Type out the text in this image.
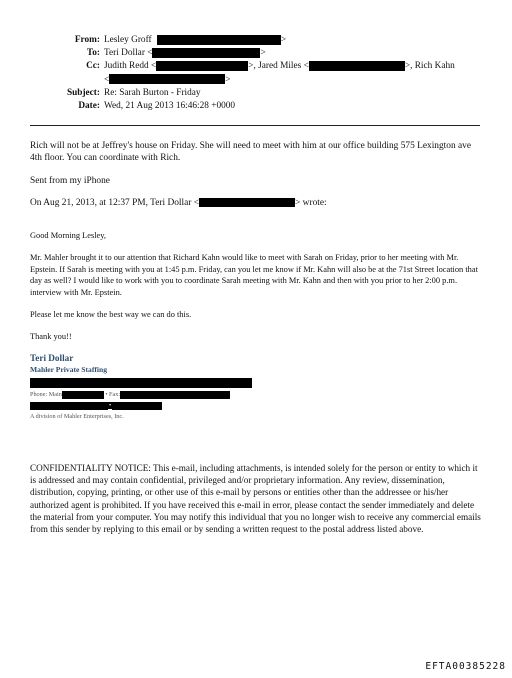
From: Lesley Groff	>
To: Teri Dollar <	>
Cc: Judith Redd <	>, Jared Miles <	>, Rich Kahn
<	>
Subject: Re: Sarah Burton - Friday
Date: Wed, 21 Aug 2013 16:46:28 +0000
Rich will not be at Jeffrey's house on Friday. She will need to meet with him at our office building 575 Lexington ave 4th floor. You can coordinate with Rich.
Sent from my iPhone
On Aug 21, 2013, at 12:37 PM, Teri Dollar <	> wrote:
Good Morning Lesley,
Mr. Mahler brought it to our attention that Richard Kahn would like to meet with Sarah on Friday, prior to her meeting with Mr. Epstein. If Sarah is meeting with you at 1:45 p.m. Friday, can you let me know if Mr. Kahn will also be at the 71st Street location that day as well? I would like to work with you to coordinate Sarah meeting with Mr. Kahn and then with you prior to her 2:00 p.m. interview with Mr. Epstein.
Please let me know the best way we can do this.
Thank you!!
Teri Dollar
Mahler Private Staffing
Phone: Main	• Fax:
•
A division of Mahler Enterprises, Inc.
CONFIDENTIALITY NOTICE: This e-mail, including attachments, is intended solely for the person or entity to which it is addressed and may contain confidential, privileged and/or proprietary information. Any review, dissemination, distribution, copying, printing, or other use of this e-mail by persons or entities other than the addressee or his/her authorized agent is prohibited. If you have received this e-mail in error, please contact the sender immediately and delete the material from your computer. You may notify this individual that you no longer wish to receive any commercial emails from this sender by replying to this email or by sending a written request to the postal address listed above.
EFTA00385228
